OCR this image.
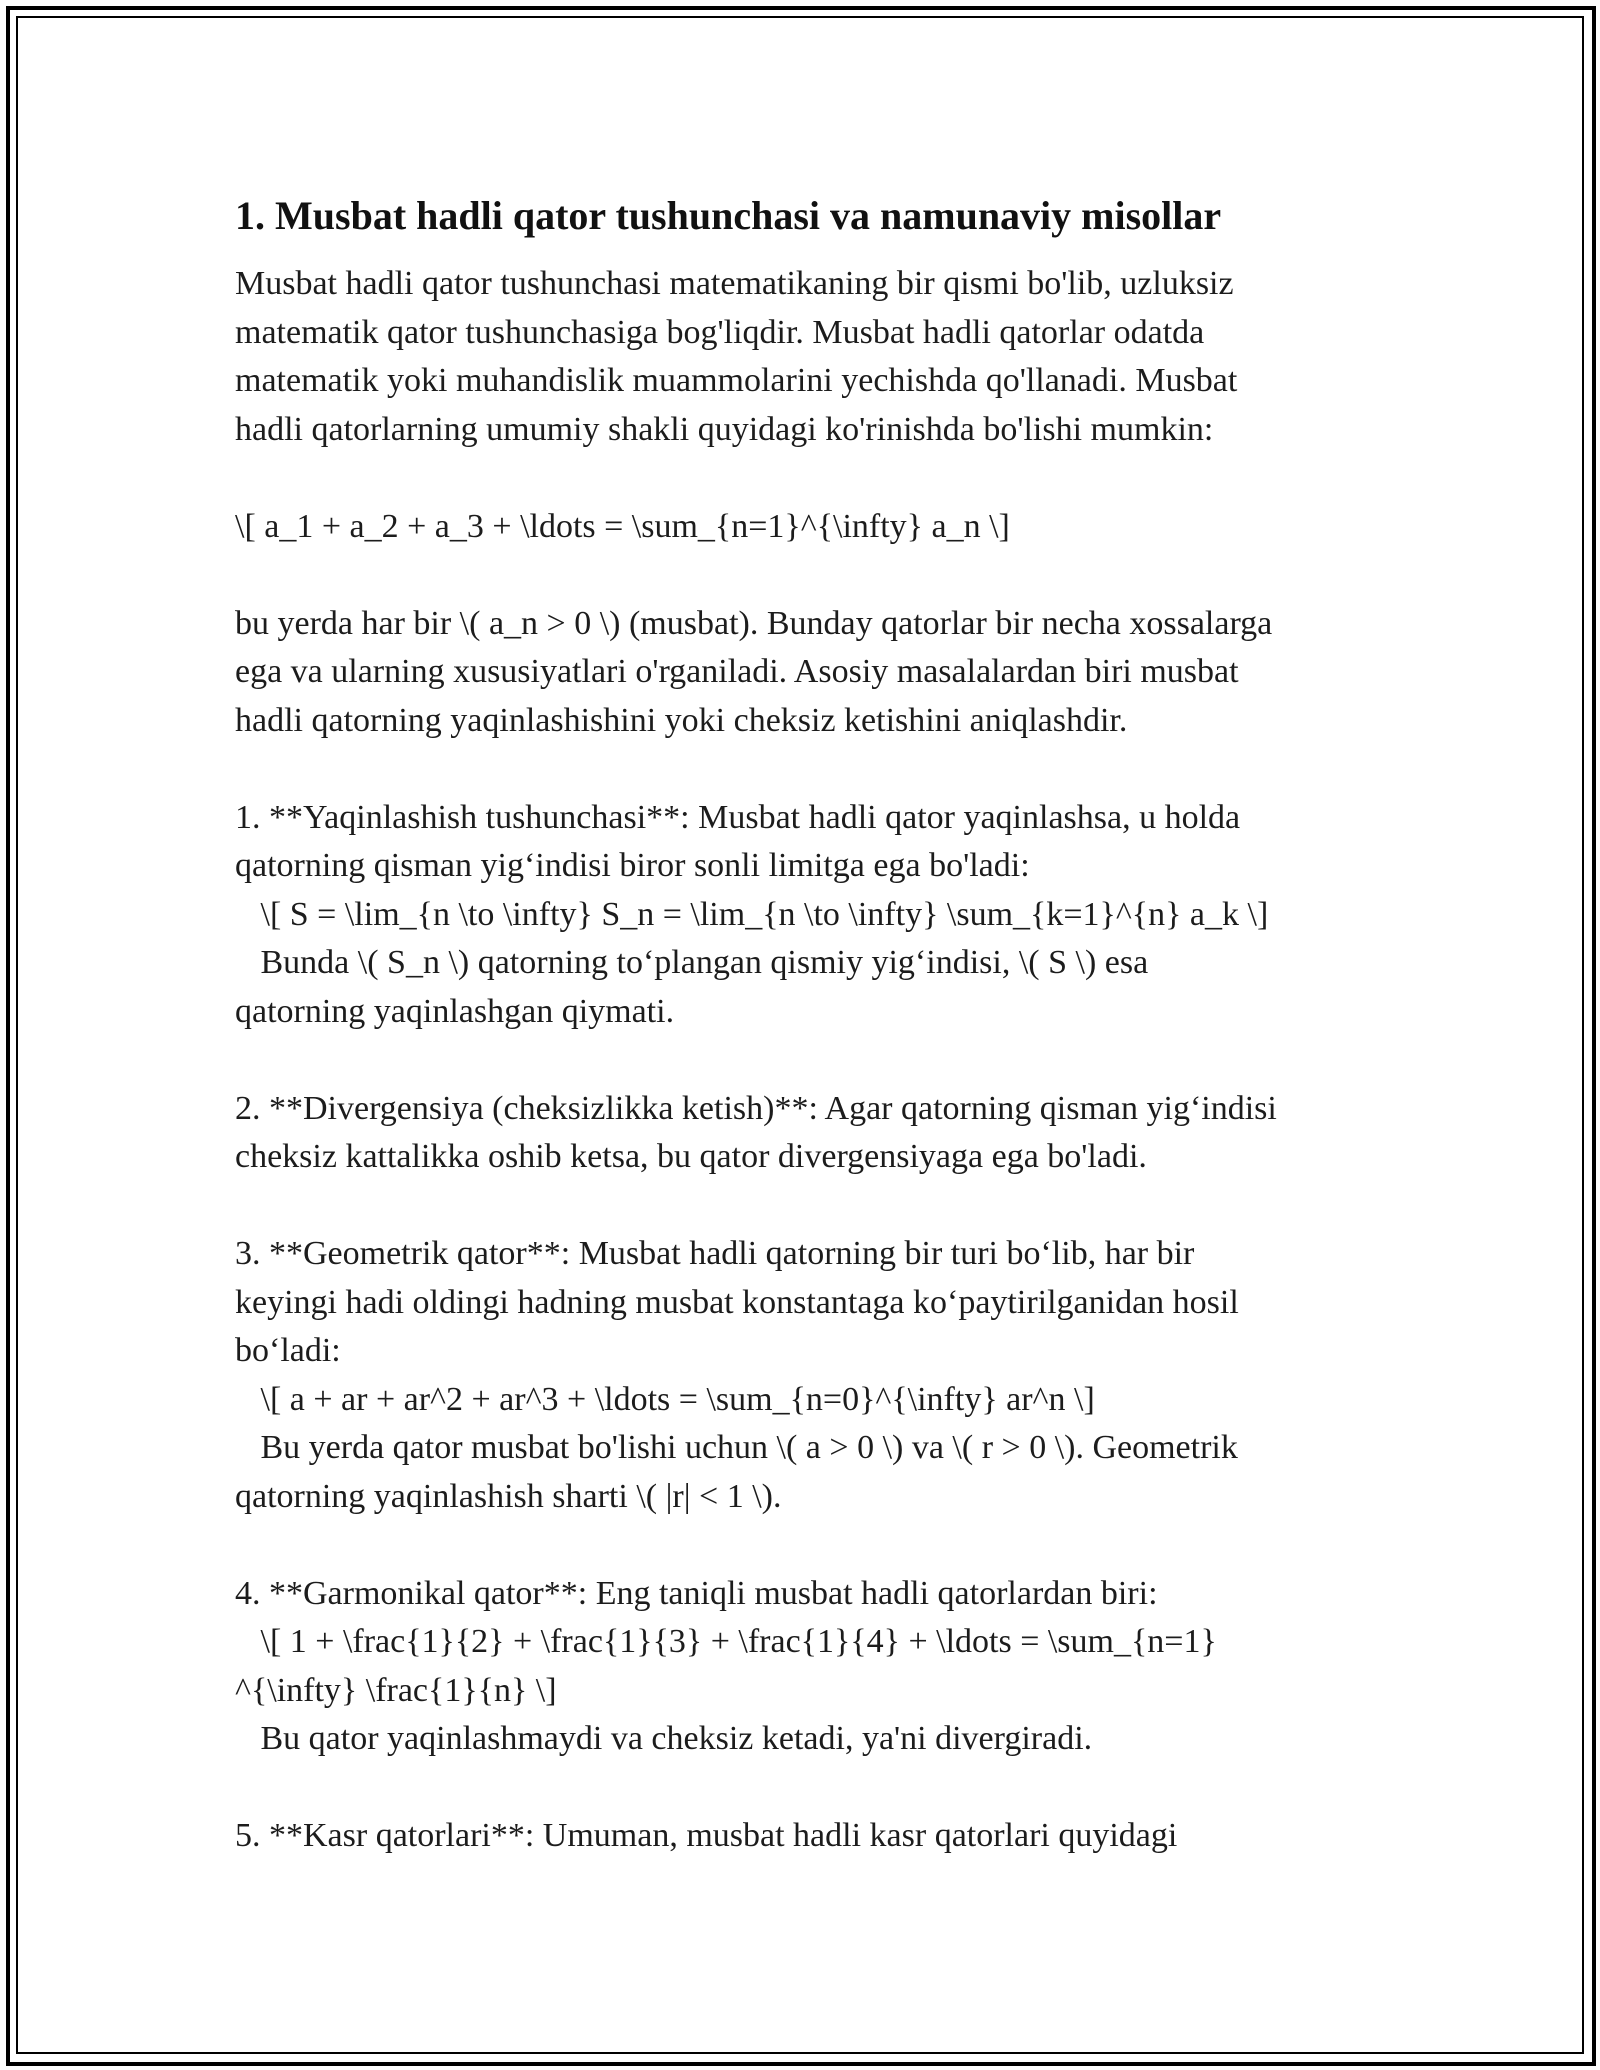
1. Musbat hadli qator tushunchasi va namunaviy misollar
Musbat hadli qator tushunchasi matematikaning bir qismi bo'lib, uzluksiz
matematik qator tushunchasiga bog'liqdir. Musbat hadli qatorlar odatda
matematik yoki muhandislik muammolarini yechishda qo'llanadi. Musbat
hadli qatorlarning umumiy shakli quyidagi ko'rinishda bo'lishi mumkin:

\[ a_1 + a_2 + a_3 + \ldots = \sum_{n=1}^{\infty} a_n \]

bu yerda har bir \( a_n > 0 \) (musbat). Bunday qatorlar bir necha xossalarga
ega va ularning xususiyatlari o'rganiladi. Asosiy masalalardan biri musbat
hadli qatorning yaqinlashishini yoki cheksiz ketishini aniqlashdir.

1. **Yaqinlashish tushunchasi**: Musbat hadli qator yaqinlashsa, u holda
qatorning qisman yig‘indisi biror sonli limitga ega bo'ladi:
\[ S = \lim_{n \to \infty} S_n = \lim_{n \to \infty} \sum_{k=1}^{n} a_k \]
Bunda \( S_n \) qatorning to‘plangan qismiy yig‘indisi, \( S \) esa
qatorning yaqinlashgan qiymati.

2. **Divergensiya (cheksizlikka ketish)**: Agar qatorning qisman yig‘indisi
cheksiz kattalikka oshib ketsa, bu qator divergensiyaga ega bo'ladi.

3. **Geometrik qator**: Musbat hadli qatorning bir turi bo‘lib, har bir
keyingi hadi oldingi hadning musbat konstantaga ko‘paytirilganidan hosil
bo‘ladi:
\[ a + ar + ar^2 + ar^3 + \ldots = \sum_{n=0}^{\infty} ar^n \]
Bu yerda qator musbat bo'lishi uchun \( a > 0 \) va \( r > 0 \). Geometrik
qatorning yaqinlashish sharti \( |r| < 1 \).

4. **Garmonikal qator**: Eng taniqli musbat hadli qatorlardan biri:
\[ 1 + \frac{1}{2} + \frac{1}{3} + \frac{1}{4} + \ldots = \sum_{n=1}
^{\infty} \frac{1}{n} \]
Bu qator yaqinlashmaydi va cheksiz ketadi, ya'ni divergiradi.

5. **Kasr qatorlari**: Umuman, musbat hadli kasr qatorlari quyidagi
